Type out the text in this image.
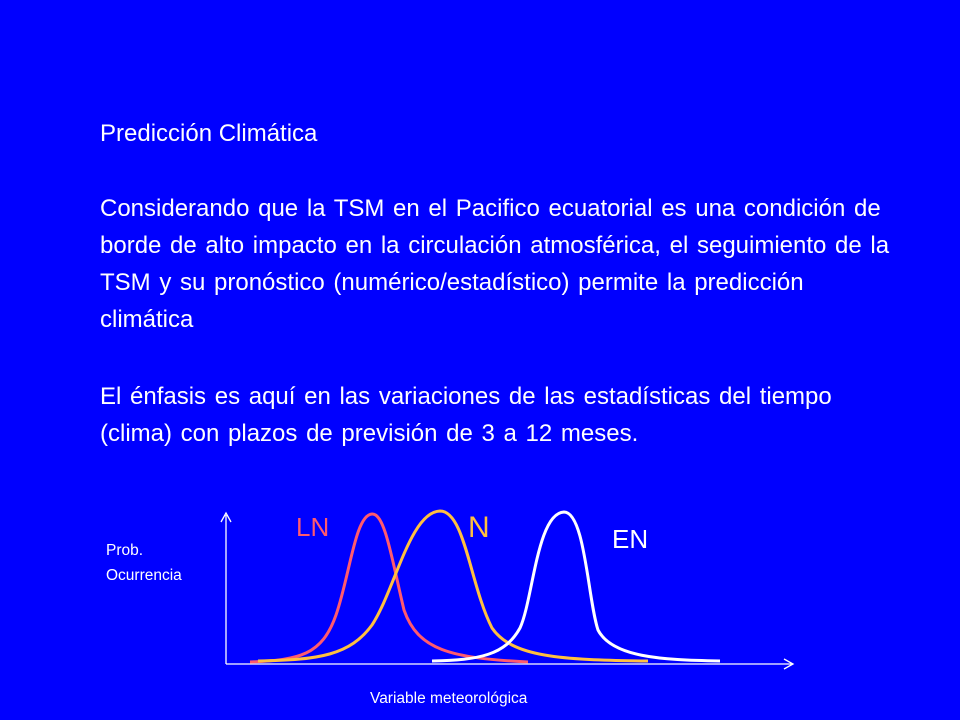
Predicción Climática

Considerando que la TSM en el Pacifico ecuatorial es una condición de borde de alto impacto en la circulación atmosférica, el seguimiento de la TSM y su pronóstico (numérico/estadístico) permite la predicción climática

El énfasis es aquí en las variaciones de las estadísticas del tiempo (clima) con plazos de previsión de 3 a 12 meses.

Prob.
Ocurrencia
Variable meteorológica
LN	N	EN
